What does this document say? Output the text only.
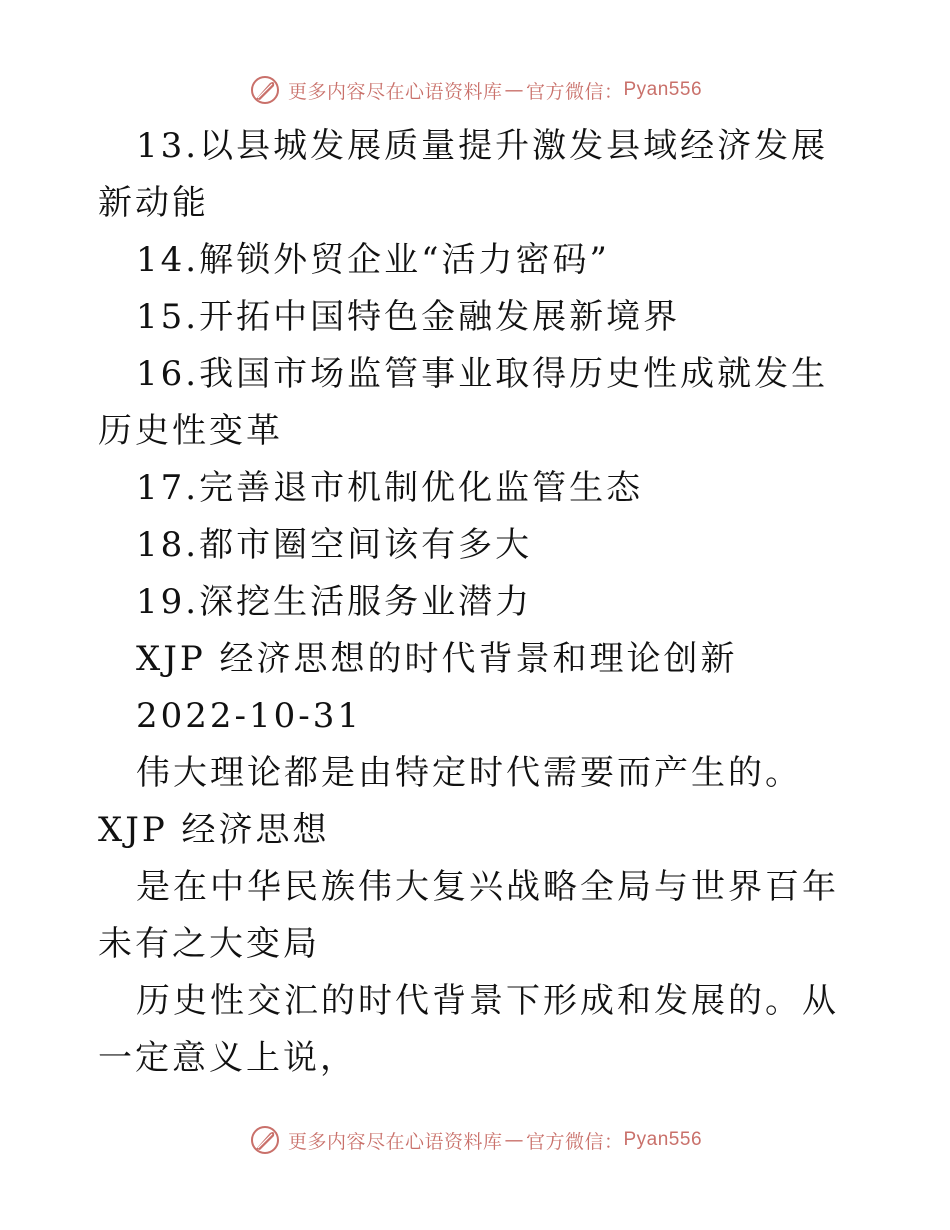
更多内容尽在心语资料库 — 官方微信： Pyan556

13.以县城发展质量提升激发县域经济发展新动能

14.解锁外贸企业“活力密码”

15.开拓中国特色金融发展新境界

16.我国市场监管事业取得历史性成就发生历史性变革

17.完善退市机制优化监管生态

18.都市圈空间该有多大

19.深挖生活服务业潜力

XJP 经济思想的时代背景和理论创新

2022-10-31

伟大理论都是由特定时代需要而产生的。XJP 经济思想

是在中华民族伟大复兴战略全局与世界百年未有之大变局

历史性交汇的时代背景下形成和发展的。从一定意义上说，

更多内容尽在心语资料库 — 官方微信： Pyan556
